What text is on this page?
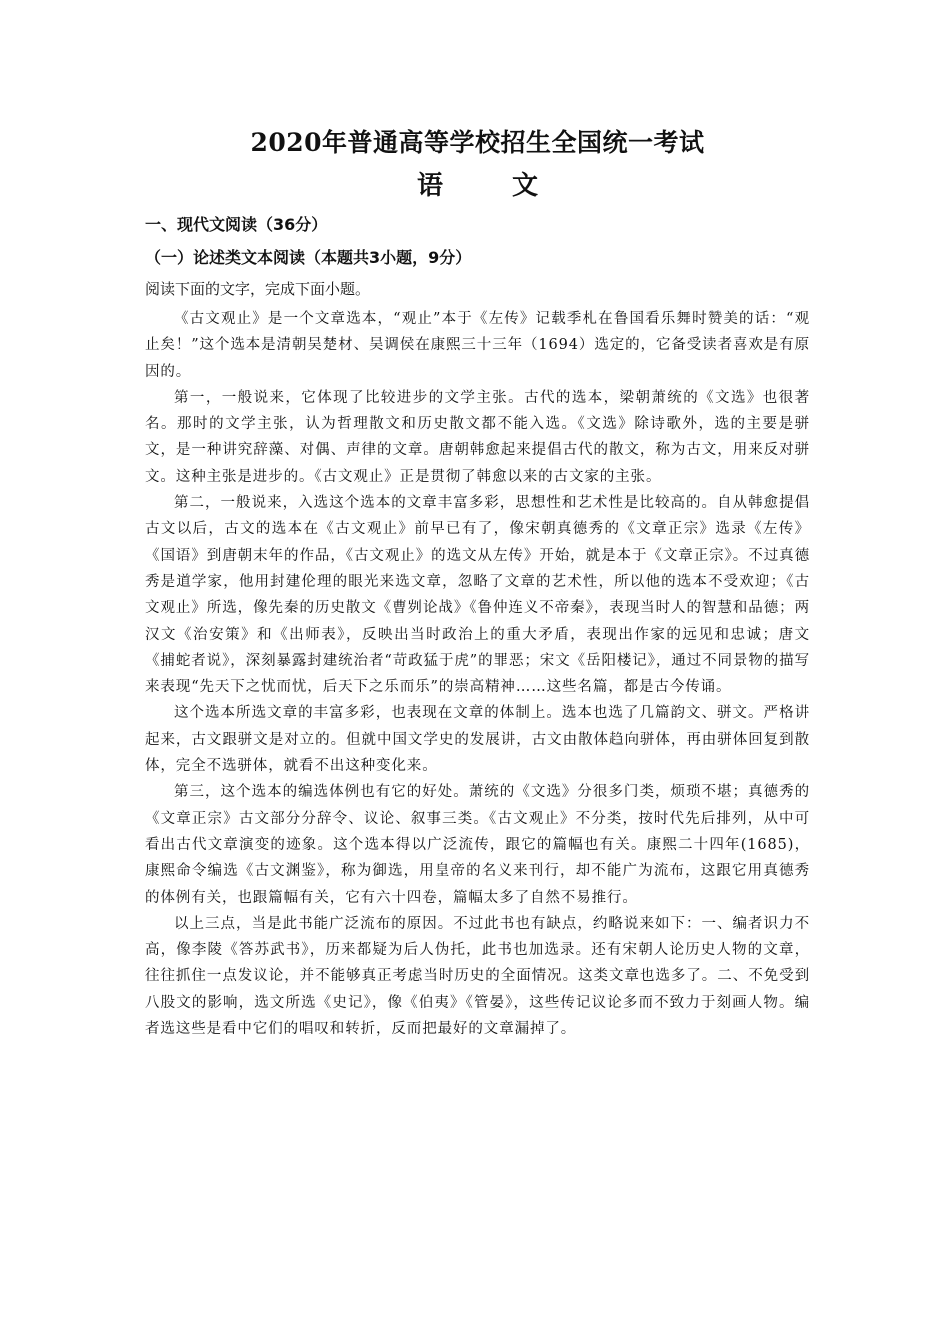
2020年普通高等学校招生全国统一考试
语 文
一、现代文阅读（36分）
（一）论述类文本阅读（本题共3小题，9分）
阅读下面的文字，完成下面小题。

《古文观止》是一个文章选本，“观止”本于《左传》记载季札在鲁国看乐舞时赞美的话：“观止矣！”这个选本是清朝吴楚材、吴调侯在康熙三十三年（1694）选定的，它备受读者喜欢是有原因的。

第一，一般说来，它体现了比较进步的文学主张。古代的选本，梁朝萧统的《文选》也很著名。那时的文学主张，认为哲理散文和历史散文都不能入选。《文选》除诗歌外，选的主要是骈文，是一种讲究辞藻、对偶、声律的文章。唐朝韩愈起来提倡古代的散文，称为古文，用来反对骈文。这种主张是进步的。《古文观止》正是贯彻了韩愈以来的古文家的主张。

第二，一般说来，入选这个选本的文章丰富多彩，思想性和艺术性是比较高的。自从韩愈提倡古文以后，古文的选本在《古文观止》前早已有了，像宋朝真德秀的《文章正宗》选录《左传》《国语》到唐朝末年的作品，《古文观止》的选文从左传》开始，就是本于《文章正宗》。不过真德秀是道学家，他用封建伦理的眼光来选文章，忽略了文章的艺术性，所以他的选本不受欢迎；《古文观止》所选，像先秦的历史散文《曹刿论战》《鲁仲连义不帝秦》，表现当时人的智慧和品德；两汉文《治安策》和《出师表》，反映出当时政治上的重大矛盾，表现出作家的远见和忠诚；唐文《捕蛇者说》，深刻暴露封建统治者“苛政猛于虎”的罪恶；宋文《岳阳楼记》，通过不同景物的描写来表现“先天下之忧而忧，后天下之乐而乐”的崇高精神……这些名篇，都是古今传诵。

这个选本所选文章的丰富多彩，也表现在文章的体制上。选本也选了几篇韵文、骈文。严格讲起来，古文跟骈文是对立的。但就中国文学史的发展讲，古文由散体趋向骈体，再由骈体回复到散体，完全不选骈体，就看不出这种变化来。

第三，这个选本的编选体例也有它的好处。萧统的《文选》分很多门类，烦琐不堪；真德秀的《文章正宗》古文部分分辞令、议论、叙事三类。《古文观止》不分类，按时代先后排列，从中可看出古代文章演变的迹象。这个选本得以广泛流传，跟它的篇幅也有关。康熙二十四年(1685)，康熙命令编选《古文渊鉴》，称为御选，用皇帝的名义来刊行，却不能广为流布，这跟它用真德秀的体例有关，也跟篇幅有关，它有六十四卷，篇幅太多了自然不易推行。

以上三点，当是此书能广泛流布的原因。不过此书也有缺点，约略说来如下：一、编者识力不高，像李陵《答苏武书》，历来都疑为后人伪托，此书也加选录。还有宋朝人论历史人物的文章，往往抓住一点发议论，并不能够真正考虑当时历史的全面情况。这类文章也选多了。二、不免受到八股文的影响，选文所选《史记》，像《伯夷》《管晏》，这些传记议论多而不致力于刻画人物。编者选这些是看中它们的唱叹和转折，反而把最好的文章漏掉了。
